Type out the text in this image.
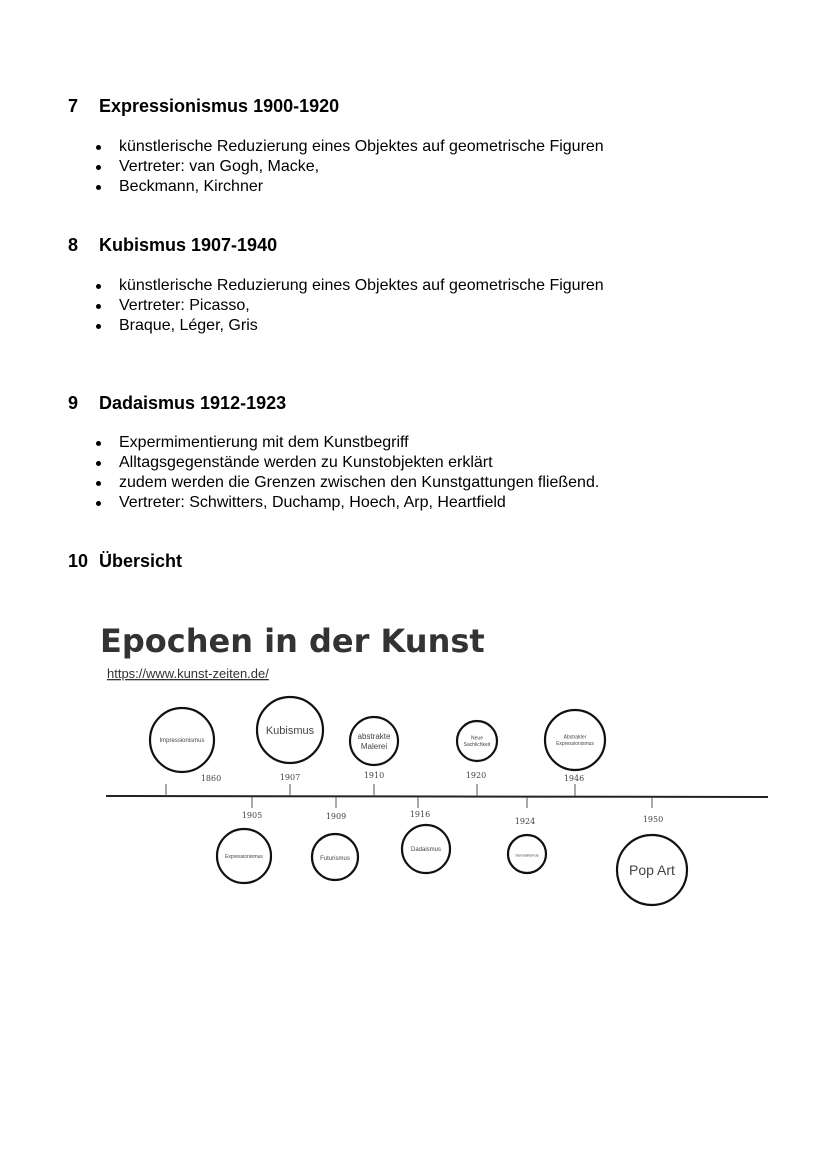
7 Expressionismus 1900-1920
künstlerische Reduzierung eines Objektes auf geometrische Figuren
Vertreter: van Gogh, Macke,
Beckmann, Kirchner
8 Kubismus 1907-1940
künstlerische Reduzierung eines Objektes auf geometrische Figuren
Vertreter: Picasso,
Braque, Léger, Gris
9 Dadaismus 1912-1923
Expermimentierung mit dem Kunstbegriff
Alltagsgegenstände werden zu Kunstobjekten erklärt
zudem werden die Grenzen zwischen den Kunstgattungen fließend.
Vertreter: Schwitters, Duchamp, Hoech, Arp, Heartfield
10 Übersicht
Epochen in der Kunst
https://www.kunst-zeiten.de/
Impressionismus
1860
Kubismus
1907
abstrakte
Malerei
1910
Neue
Sachlichkeit
1920
Abstrakter
Expressionismus
1946
1905
Expressionismus
1909
Futurismus
1916
Dadaismus
1924
Surrealismus
1950
Pop Art
